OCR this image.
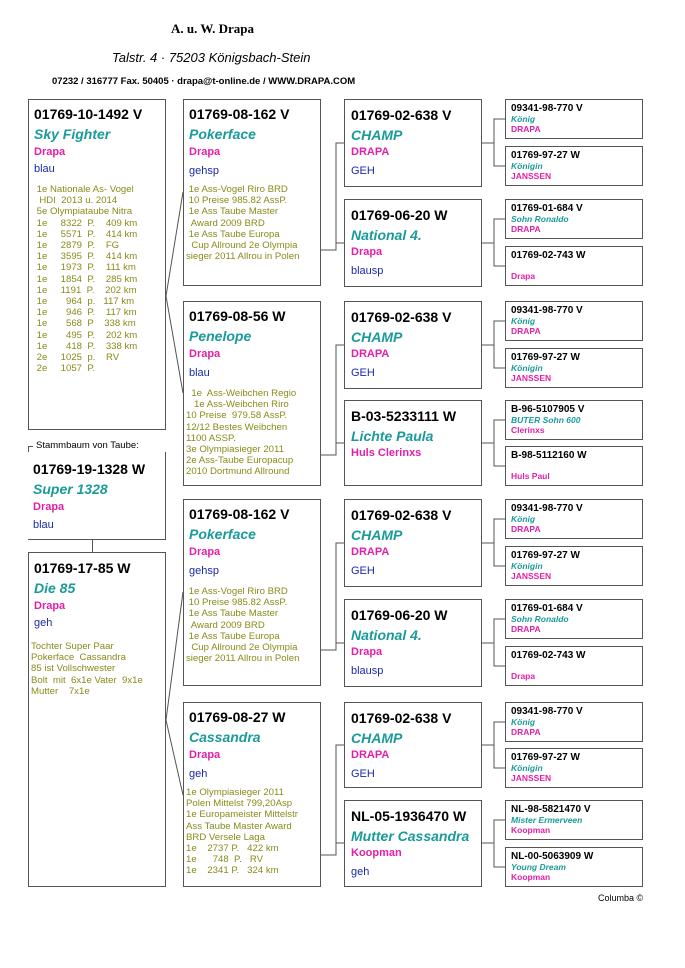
A. u. W. Drapa
Talstr. 4 · 75203 Königsbach-Stein
07232 / 316777 Fax. 50405 · drapa@t-online.de / WWW.DRAPA.COM
01769-10-1492 V
Sky Fighter
Drapa
blau
1e Nationale As- Vogel
HDI  2013 u. 2014
5e Olympiataube Nitra
1e     8322  P.    409 km
1e     5571  P.    414 km
1e     2879  P.    FG
1e     3595  P.    414 km
1e     1973  P.    111 km
1e     1854  P.    285 km
1e     1191  P.    202 km
1e       964  p.   117 km
1e       946  P.    117 km
1e       568  P    338 km
1e       495  P.    202 km
1e       418  P.    338 km
2e     1025  p.    RV
2e     1057  P.
Stammbaum von Taube:
01769-19-1328 W
Super 1328
Drapa
blau
01769-17-85 W
Die 85
Drapa
geh
Tochter Super Paar
Pokerface  Cassandra
85 ist Vollschwester
Bolt  mit  6x1e Vater  9x1e
Mutter    7x1e
01769-08-162 V
Pokerface
Drapa
gehsp
1e Ass-Vogel Riro BRD
10 Preise 985.82 AssP.
1e Ass Taube Master
Award 2009 BRD
1e Ass Taube Europa
Cup Allround 2e Olympia
sieger 2011 Allrou in Polen
01769-08-56 W
Penelope
Drapa
blau
1e  Ass-Weibchen Regio
1e Ass-Weibchen Riro
10 Preise  979.58 AssP.
12/12 Bestes Weibchen
1100 ASSP.
3e Olympiasieger 2011
2e Ass-Taube Europacup
2010 Dortmund Allround
01769-08-162 V
Pokerface
Drapa
gehsp
1e Ass-Vogel Riro BRD
10 Preise 985.82 AssP.
1e Ass Taube Master
Award 2009 BRD
1e Ass Taube Europa
Cup Allround 2e Olympia
sieger 2011 Allrou in Polen
01769-08-27 W
Cassandra
Drapa
geh
1e Olympiasieger 2011
Polen Mittelst 799,20Asp
1e Europameister Mittelstr
Ass Taube Master Award
BRD Versele Laga
1e    2737 P.   422 km
1e      748  P.   RV
1e    2341 P.   324 km
01769-02-638 V
CHAMP
DRAPA
GEH
01769-06-20 W
National 4.
Drapa
blausp
01769-02-638 V
CHAMP
DRAPA
GEH
B-03-5233111 W
Lichte Paula
Huls Clerinxs
01769-02-638 V
CHAMP
DRAPA
GEH
01769-06-20 W
National 4.
Drapa
blausp
01769-02-638 V
CHAMP
DRAPA
GEH
NL-05-1936470 W
Mutter Cassandra
Koopman
geh
09341-98-770 V
König
DRAPA
01769-97-27 W
Königin
JANSSEN
01769-01-684 V
Sohn Ronaldo
DRAPA
01769-02-743 W
Drapa
09341-98-770 V
König
DRAPA
01769-97-27 W
Königin
JANSSEN
B-96-5107905 V
BUTER Sohn 600
Clerinxs
B-98-5112160 W
Huls Paul
09341-98-770 V
König
DRAPA
01769-97-27 W
Königin
JANSSEN
01769-01-684 V
Sohn Ronaldo
DRAPA
01769-02-743 W
Drapa
09341-98-770 V
König
DRAPA
01769-97-27 W
Königin
JANSSEN
NL-98-5821470 V
Mister Ermerveen
Koopman
NL-00-5063909 W
Young Dream
Koopman
Columba ©
